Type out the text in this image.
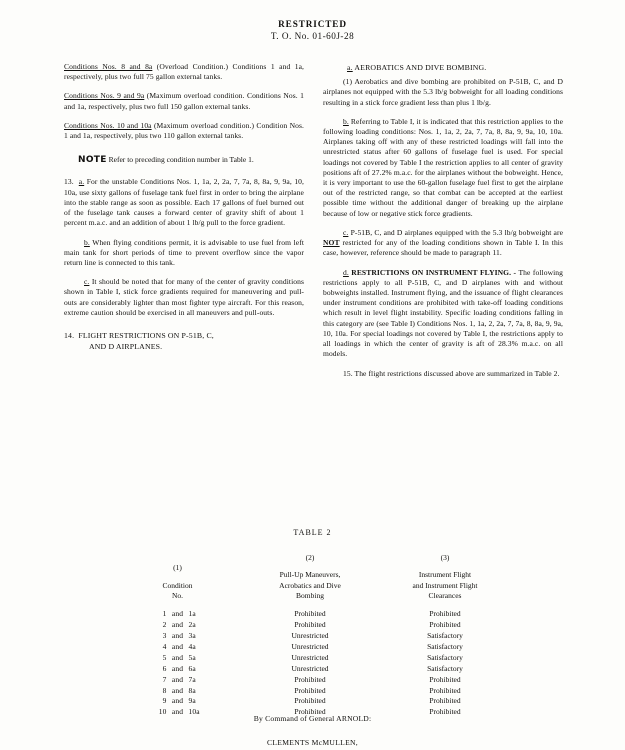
RESTRICTED
T. O. No. 01-60J-28

Conditions Nos. 8 and 8a (Overload Condition.) Conditions 1 and 1a, respectively, plus two full 75 gallon external tanks.

Conditions Nos. 9 and 9a (Maximum overload condition. Conditions Nos. 1 and 1a, respectively, plus two full 150 gallon external tanks.

Conditions Nos. 10 and 10a (Maximum overload condition.) Condition Nos. 1 and 1a, respectively, plus two 110 gallon external tanks.

NOTE Refer to preceding condition number in Table 1.

13. a. For the unstable Conditions Nos. 1, 1a, 2, 2a, 7, 7a, 8, 8a, 9, 9a, 10, 10a, use sixty gallons of fuselage tank fuel first in order to bring the airplane into the stable range as soon as possible. Each 17 gallons of fuel burned out of the fuselage tank causes a forward center of gravity shift of about 1 percent m.a.c. and an addition of about 1 lb/g pull to the force gradient.

b. When flying conditions permit, it is advisable to use fuel from left main tank for short periods of time to prevent overflow since the vapor return line is connected to this tank.

c. It should be noted that for many of the center of gravity conditions shown in Table I, stick force gradients required for maneuvering and pull-outs are considerably lighter than most fighter type aircraft. For this reason, extreme caution should be exercised in all maneuvers and pull-outs.

14. FLIGHT RESTRICTIONS ON P-51B, C,
AND D AIRPLANES.
a. AEROBATICS AND DIVE BOMBING.

(1) Aerobatics and dive bombing are prohibited on P-51B, C, and D airplanes not equipped with the 5.3 lb/g bobweight for all loading conditions resulting in a stick force gradient less than plus 1 lb/g.

b. Referring to Table I, it is indicated that this restriction applies to the following loading conditions: Nos. 1, 1a, 2, 2a, 7, 7a, 8, 8a, 9, 9a, 10, 10a. Airplanes taking off with any of these restricted loadings will fall into the unrestricted status after 60 gallons of fuselage fuel is used. For special loadings not covered by Table I the restriction applies to all center of gravity positions aft of 27.2% m.a.c. for the airplanes without the bobweight. Hence, it is very important to use the 60-gallon fuselage fuel first to get the airplane out of the restricted range, so that combat can be accepted at the earliest possible time without the additional danger of breaking up the airplane because of low or negative stick force gradients.

c. P-51B, C, and D airplanes equipped with the 5.3 lb/g bobweight are NOT restricted for any of the loading conditions shown in Table I. In this case, however, reference should be made to paragraph 11.

d. RESTRICTIONS ON INSTRUMENT FLYING. - The following restrictions apply to all P-51B, C, and D airplanes with and without bobweights installed. Instrument flying, and the issuance of flight clearances under instrument conditions are prohibited with take-off loading conditions which result in level flight instability. Specific loading conditions falling in this category are (see Table I) Conditions Nos. 1, 1a, 2, 2a, 7, 7a, 8, 8a, 9, 9a, 10, 10a. For special loadings not covered by Table I, the restrictions apply to all loadings in which the center of gravity is aft of 28.3% m.a.c. on all models.

15. The flight restrictions discussed above are summarized in Table 2.

TABLE 2
(1)
Condition
No.	(2)
Pull-Up Maneuvers,
Acrobatics and Dive
Bombing	(3)
Instrument Flight
and Instrument Flight
Clearances
1 and 1a	Prohibited	Prohibited
2 and 2a	Prohibited	Prohibited
3 and 3a	Unrestricted	Satisfactory
4 and 4a	Unrestricted	Satisfactory
5 and 5a	Unrestricted	Satisfactory
6 and 6a	Unrestricted	Satisfactory
7 and 7a	Prohibited	Prohibited
8 and 8a	Prohibited	Prohibited
9 and 9a	Prohibited	Prohibited
10 and 10a	Prohibited	Prohibited
By Command of General ARNOLD:
CLEMENTS McMULLEN,
